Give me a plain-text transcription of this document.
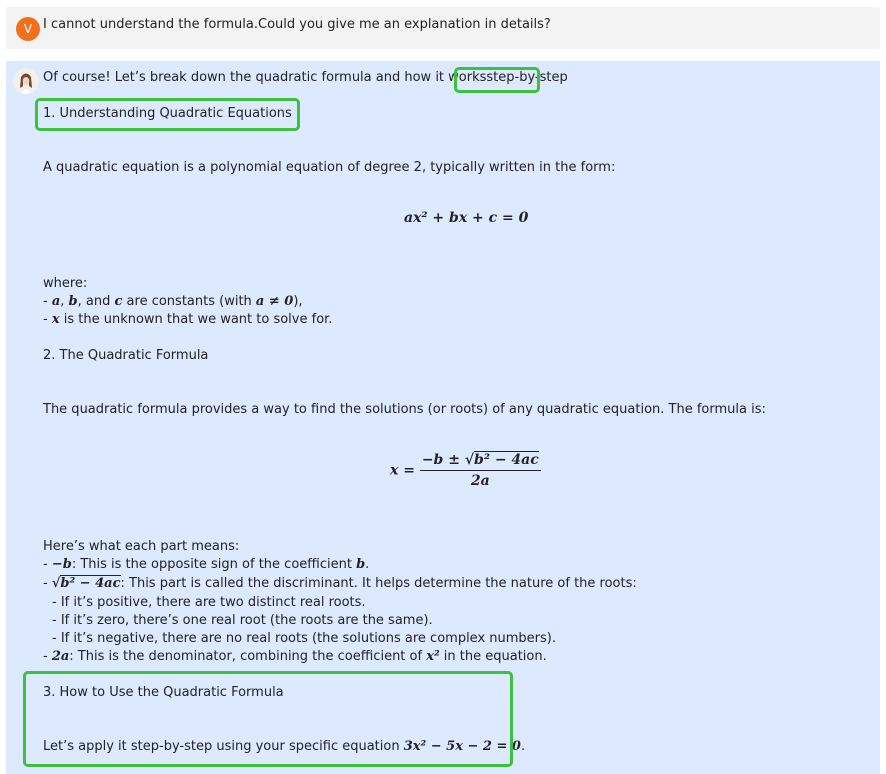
V I cannot understand the formula.Could you give me an explanation in details?
Of course! Let’s break down the quadratic formula and how it worksstep-by-step
1. Understanding Quadratic Equations
A quadratic equation is a polynomial equation of degree 2, typically written in the form:
ax² + bx + c = 0
where:
- a, b, and c are constants (with a ≠ 0),
- x is the unknown that we want to solve for.
2. The Quadratic Formula
The quadratic formula provides a way to find the solutions (or roots) of any quadratic equation. The formula is:
$x = \frac{\text{−b ± √b² − 4ac}}{2a}$
Here’s what each part means:
- −b: This is the opposite sign of the coefficient b.
- √b² − 4ac: This part is called the discriminant. It helps determine the nature of the roots:
- If it’s positive, there are two distinct real roots.
- If it’s zero, there’s one real root (the roots are the same).
- If it’s negative, there are no real roots (the solutions are complex numbers).
- 2a: This is the denominator, combining the coefficient of x² in the equation.
3. How to Use the Quadratic Formula
Let’s apply it step-by-step using your specific equation 3x² − 5x − 2 = 0.
